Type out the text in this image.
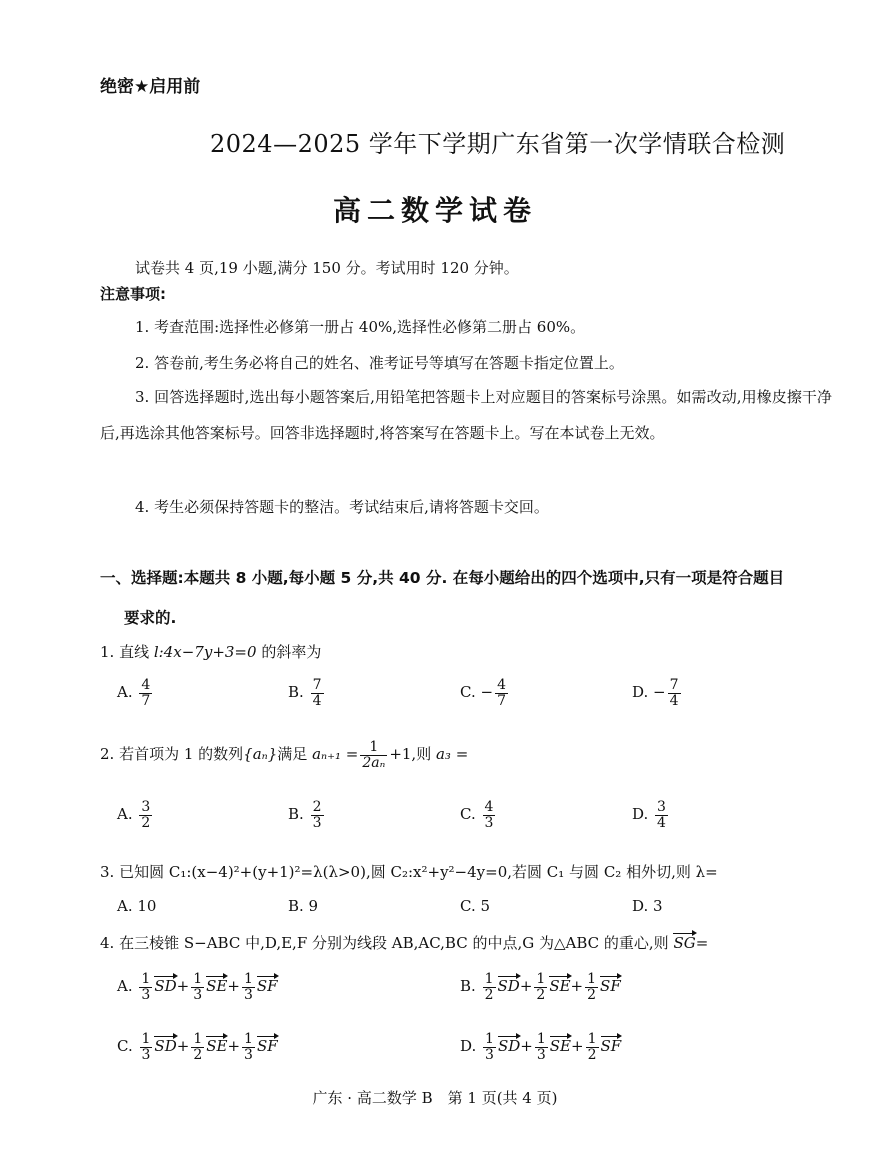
绝密★启用前
2024—2025 学年下学期广东省第一次学情联合检测
高二数学试卷
试卷共 4 页,19 小题,满分 150 分。考试用时 120 分钟。
注意事项:
1. 考查范围:选择性必修第一册占 40%,选择性必修第二册占 60%。
2. 答卷前,考生务必将自己的姓名、准考证号等填写在答题卡指定位置上。
3. 回答选择题时,选出每小题答案后,用铅笔把答题卡上对应题目的答案标号涂黑。如需改动,用橡皮擦干净后,再选涂其他答案标号。回答非选择题时,将答案写在答题卡上。写在本试卷上无效。
4. 考生必须保持答题卡的整洁。考试结束后,请将答题卡交回。
一、选择题:本题共 8 小题,每小题 5 分,共 40 分. 在每小题给出的四个选项中,只有一项是符合题目
要求的.
1. 直线 l:4x−7y+3=0 的斜率为
A. $\frac{4}{7}$	B. $\frac{7}{4}$	C. − $\frac{4}{7}$	D. − $\frac{7}{4}$
2. 若首项为 1 的数列{aₙ}满足 $a_{n+1} = \frac{1}{\text{2aₙ}} +1$,则 a₃ =
A. $\frac{3}{2}$	B. $\frac{2}{3}$	C. $\frac{4}{3}$	D. $\frac{3}{4}$
3. 已知圆 C₁:(x−4)²+(y+1)²=λ(λ>0),圆 C₂:x²+y²−4y=0,若圆 C₁ 与圆 C₂ 相外切,则 λ=
A. 10	B. 9	C. 5	D. 3
4. 在三棱锥 S−ABC 中,D,E,F 分别为线段 AB,AC,BC 的中点,G 为△ABC 的重心,则 SG=
A. $\frac{1}{3} SD+ \frac{1}{3} SE+ \frac{1}{3}$ SF	B. $\frac{1}{2} SD+ \frac{1}{2} SE+ \frac{1}{2}$ SF
C. $\frac{1}{3} SD+ \frac{1}{2} SE+ \frac{1}{3}$ SF	D. $\frac{1}{3} SD+ \frac{1}{3} SE+ \frac{1}{2}$ SF
广东 · 高二数学 B　第 1 页(共 4 页)
